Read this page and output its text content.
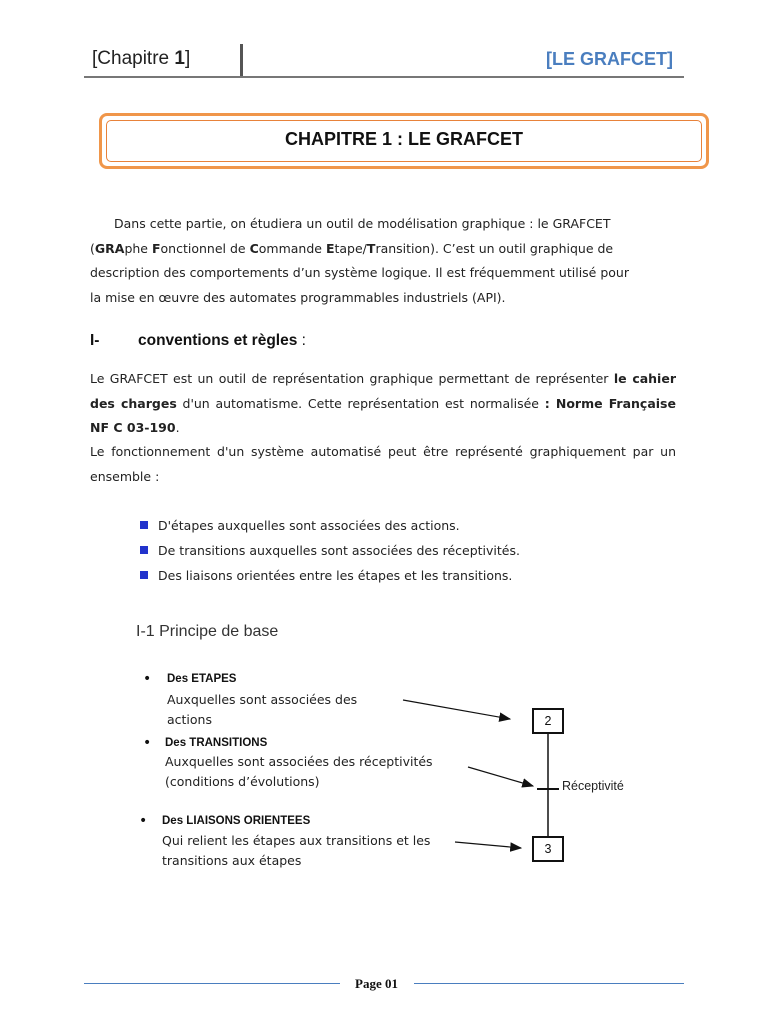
[Chapitre 1]	[LE GRAFCET]
CHAPITRE 1 : LE GRAFCET
Dans cette partie, on étudiera un outil de modélisation graphique : le GRAFCET
(GRAphe Fonctionnel de Commande Etape/Transition). C’est un outil graphique de
description des comportements d’un système logique. Il est fréquemment utilisé pour
la mise en œuvre des automates programmables industriels (API).
I- conventions et règles :
Le GRAFCET est un outil de représentation graphique permettant de représenter le cahier des charges d'un automatisme. Cette représentation est normalisée : Norme Française NF C 03-190.
Le fonctionnement d'un système automatisé peut être représenté graphiquement par un ensemble :
D'étapes auxquelles sont associées des actions.
De transitions auxquelles sont associées des réceptivités.
Des liaisons orientées entre les étapes et les transitions.
I-1 Principe de base
• Des ETAPES
Auxquelles sont associées des
actions
• Des TRANSITIONS
Auxquelles sont associées des réceptivités
(conditions d’évolutions)
• Des LIAISONS ORIENTEES
Qui relient les étapes aux transitions et les
transitions aux étapes
2
3
Réceptivité
Page 01
